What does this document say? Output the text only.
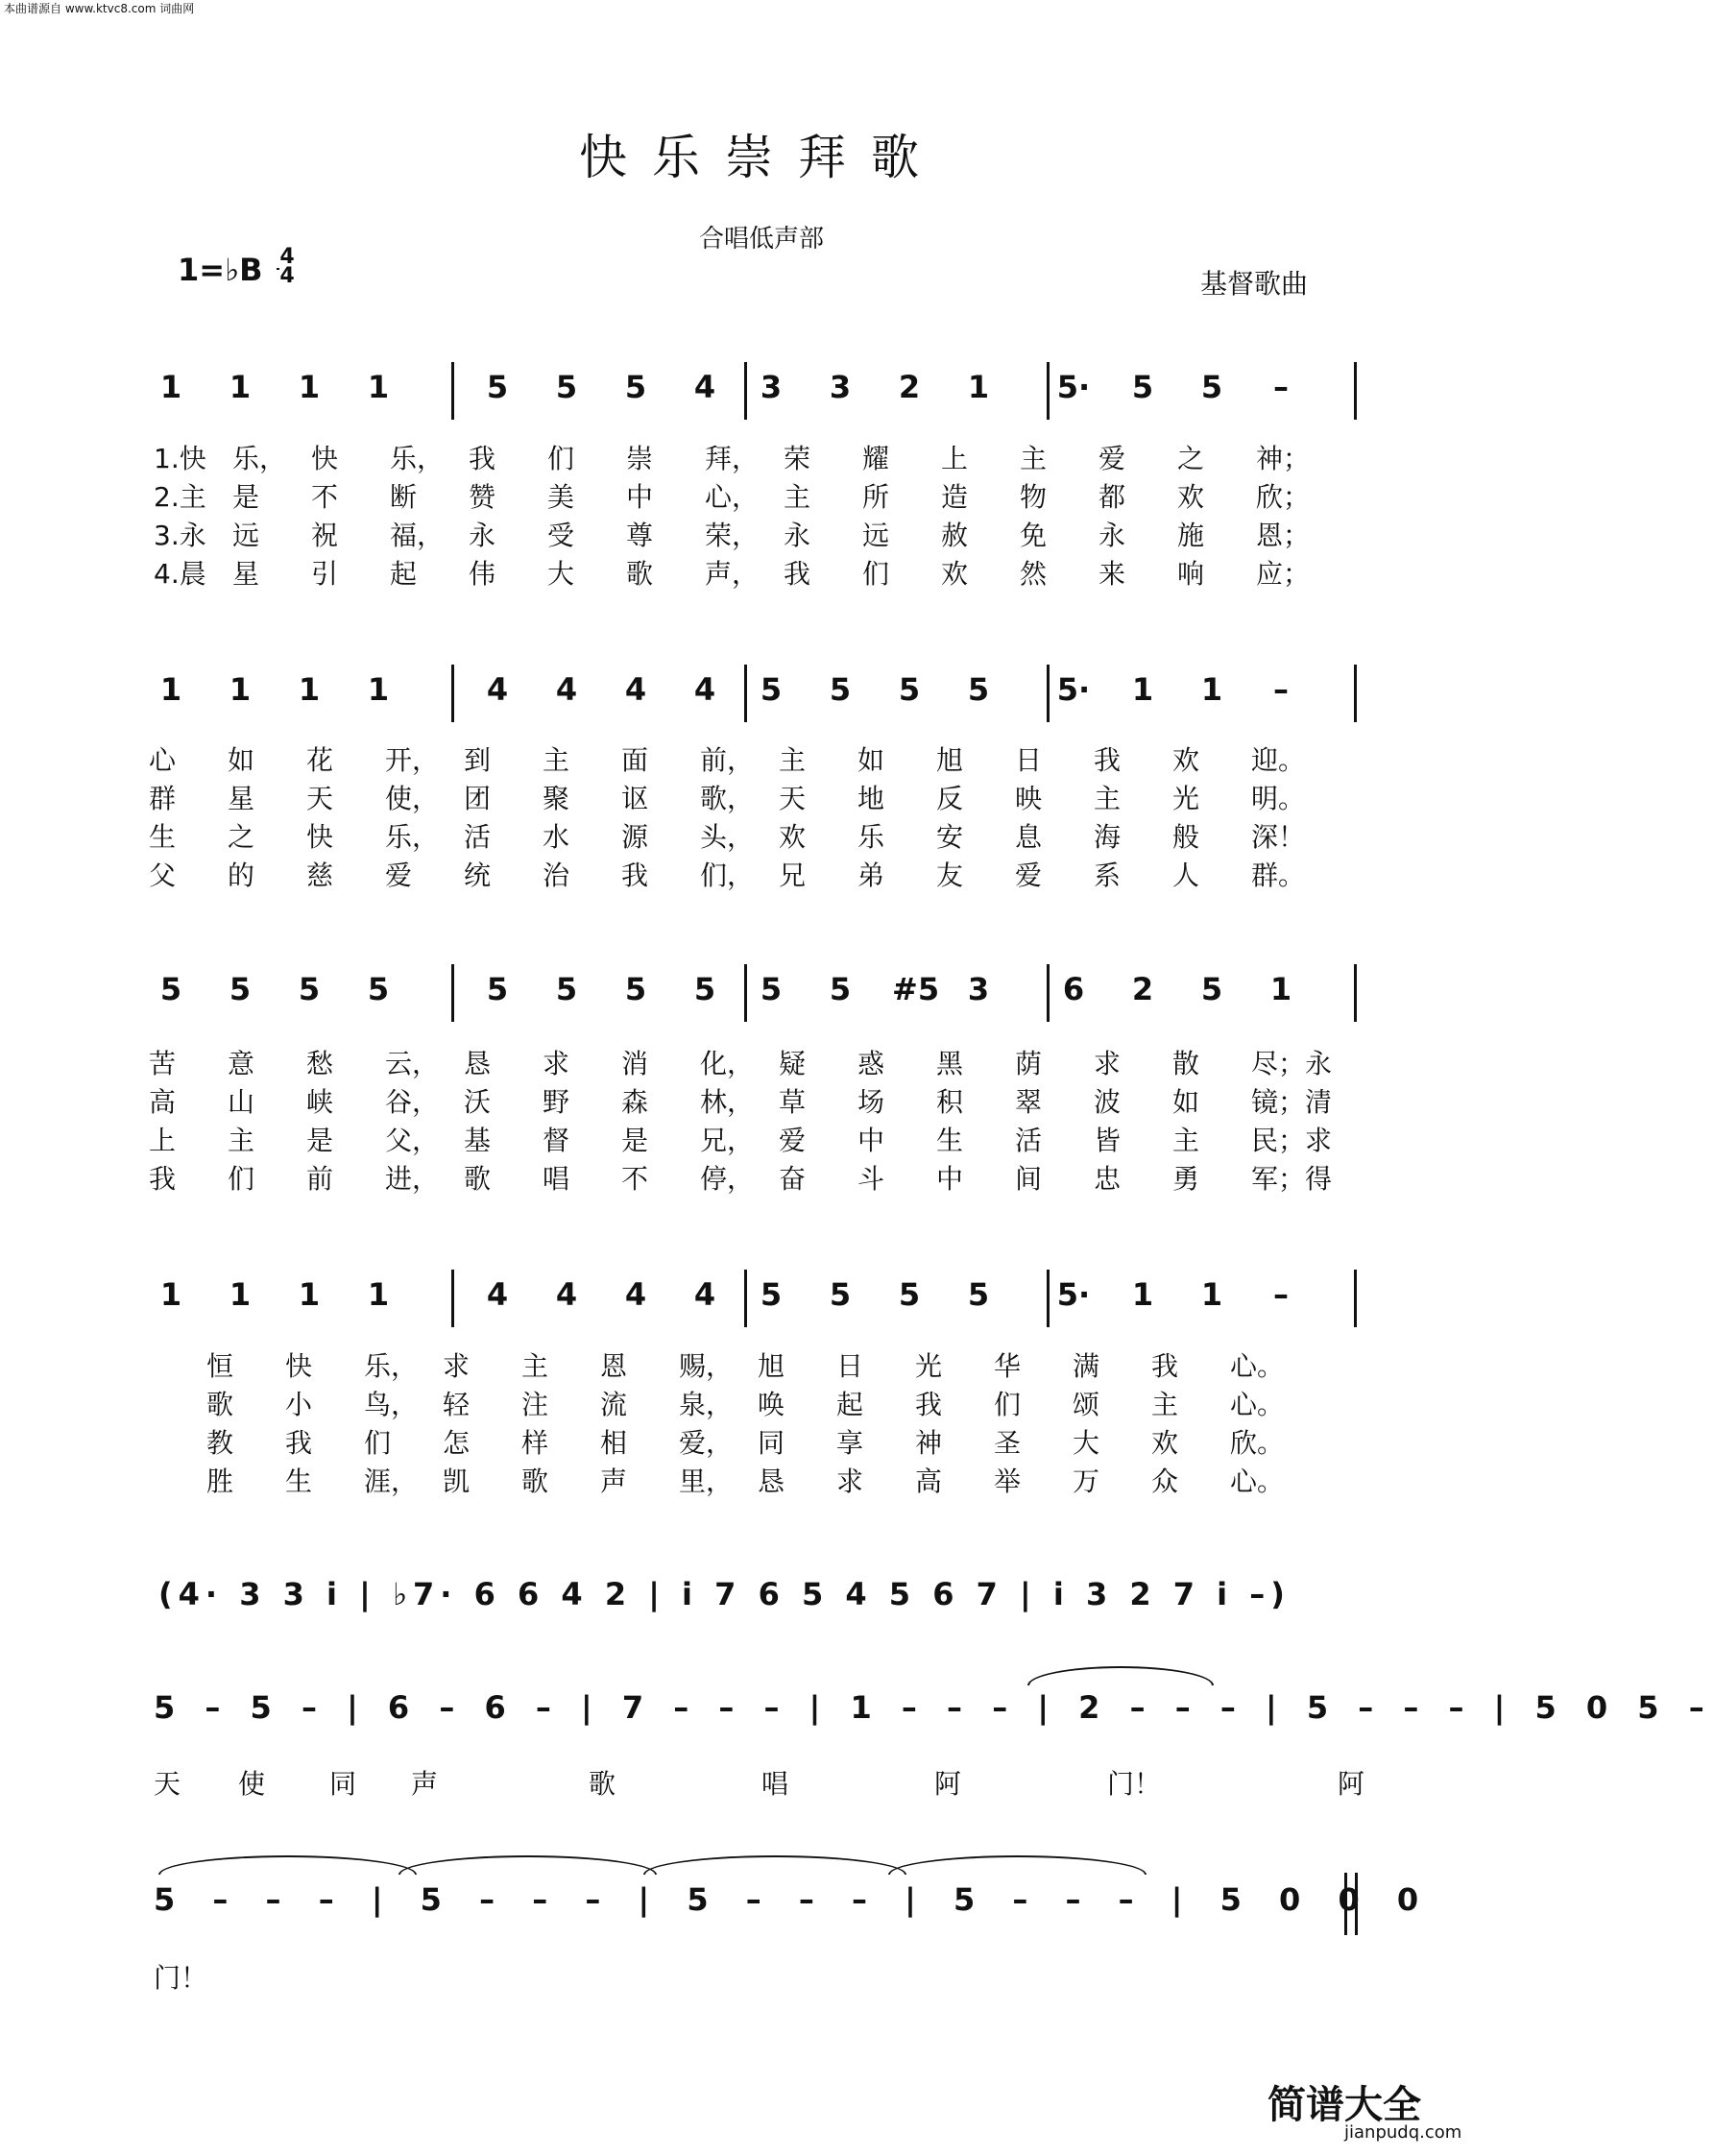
本曲谱源自 www.ktvc8.com 词曲网
快乐崇拜歌
合唱低声部
1=♭B 4
4	基督歌曲
1 1 1 1	5 5 5 4 3 3 2 1 5· 5 5	–
1 1 1 1	4 4 4 4 5 5 5 5 5· 1 1	–
5 5 5 5	5 5 5 5 5 5 #5 3 6 2 5 1
1 1 1 1	4 4 4 4 5 5 5 5 5· 1 1	–
1.快 乐， 快 乐， 我 们 崇 拜， 荣 耀 上 主 爱 之 神；
2.主 是 不 断 赞 美 中 心， 主 所 造 物 都 欢 欣；
3.永 远 祝 福， 永 受 尊 荣， 永 远 赦 免 永 施 恩；
4.晨 星 引 起 伟 大 歌 声， 我 们 欢 然 来 响 应；
心 如 花 开， 到 主 面 前， 主 如 旭 日 我 欢 迎。
群 星 天 使， 团 聚 讴 歌， 天 地 反 映 主 光 明。
生 之 快 乐， 活 水 源 头， 欢 乐 安 息 海 般 深！
父 的 慈 爱 统 治 我 们， 兄 弟 友 爱 系 人 群。
苦 意 愁 云， 恳 求 消 化， 疑 惑 黑 荫 求 散 尽；永
高 山 峡 谷， 沃 野 森 林， 草 场 积 翠 波 如 镜；清
上 主 是 父， 基 督 是 兄， 爱 中 生 活 皆 主 民；求
我 们 前 进， 歌 唱 不 停， 奋 斗 中 间 忠 勇 军；得
恒 快 乐， 求 主 恩 赐， 旭 日 光 华 满 我 心。
歌 小 鸟， 轻 注 流 泉， 唤 起 我 们 颂 主 心。
教 我 们 怎 样 相 爱， 同 享 神 圣 大 欢 欣。
胜 生 涯， 凯 歌 声 里， 恳 求 高 举 万 众 心。
(4· 3 3 i | ♭7· 6 6 4 2 | i 7 6 5 4 5 6 7 | i 3 2 7 i –)
5 – 5 – | 6 – 6 – | 7 – – – | 1 – – – | 2 – – – | 5 – – – | 5 0 5 –
天 使 同 声	歌	唱	阿	门！	阿
5 – – – | 5 – – – | 5 – – – | 5 – – – | 5 0 0 0
门！
简谱大全
jianpudq.com
